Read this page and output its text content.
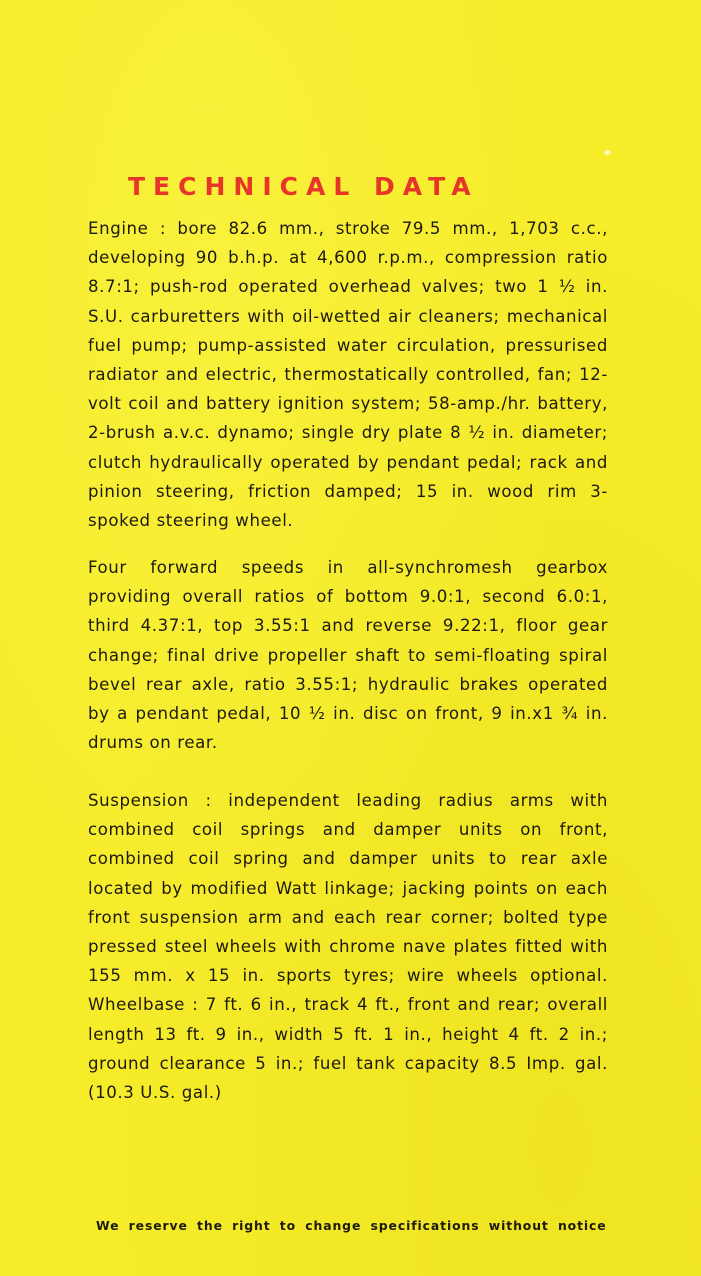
TECHNICAL DATA
Engine : bore 82.6 mm., stroke 79.5 mm., 1,703 c.c., developing 90 b.h.p. at 4,600 r.p.m., compression ratio 8.7:1; push-rod operated overhead valves; two 1 ½ in. S.U. carburetters with oil-wetted air cleaners; mechanical fuel pump; pump-assisted water circulation, pressurised radiator and electric, thermostatically controlled, fan; 12-volt coil and battery ignition system; 58-amp./hr. battery, 2-brush a.v.c. dynamo; single dry plate 8 ½ in. diameter; clutch hydraulically operated by pendant pedal; rack and pinion steering, friction damped; 15 in. wood rim 3-spoked steering wheel.
Four forward speeds in all-synchromesh gearbox providing overall ratios of bottom 9.0:1, second 6.0:1, third 4.37:1, top 3.55:1 and reverse 9.22:1, floor gear change; final drive propeller shaft to semi-floating spiral bevel rear axle, ratio 3.55:1; hydraulic brakes operated by a pendant pedal, 10 ½ in. disc on front, 9 in.x1 ¾ in. drums on rear.
Suspension : independent leading radius arms with combined coil springs and damper units on front, combined coil spring and damper units to rear axle located by modified Watt linkage; jacking points on each front suspension arm and each rear corner; bolted type pressed steel wheels with chrome nave plates fitted with 155 mm. x 15 in. sports tyres; wire wheels optional. Wheelbase : 7 ft. 6 in., track 4 ft., front and rear; overall length 13 ft. 9 in., width 5 ft. 1 in., height 4 ft. 2 in.; ground clearance 5 in.; fuel tank capacity 8.5 Imp. gal. (10.3 U.S. gal.)
We reserve the right to change specifications without notice
